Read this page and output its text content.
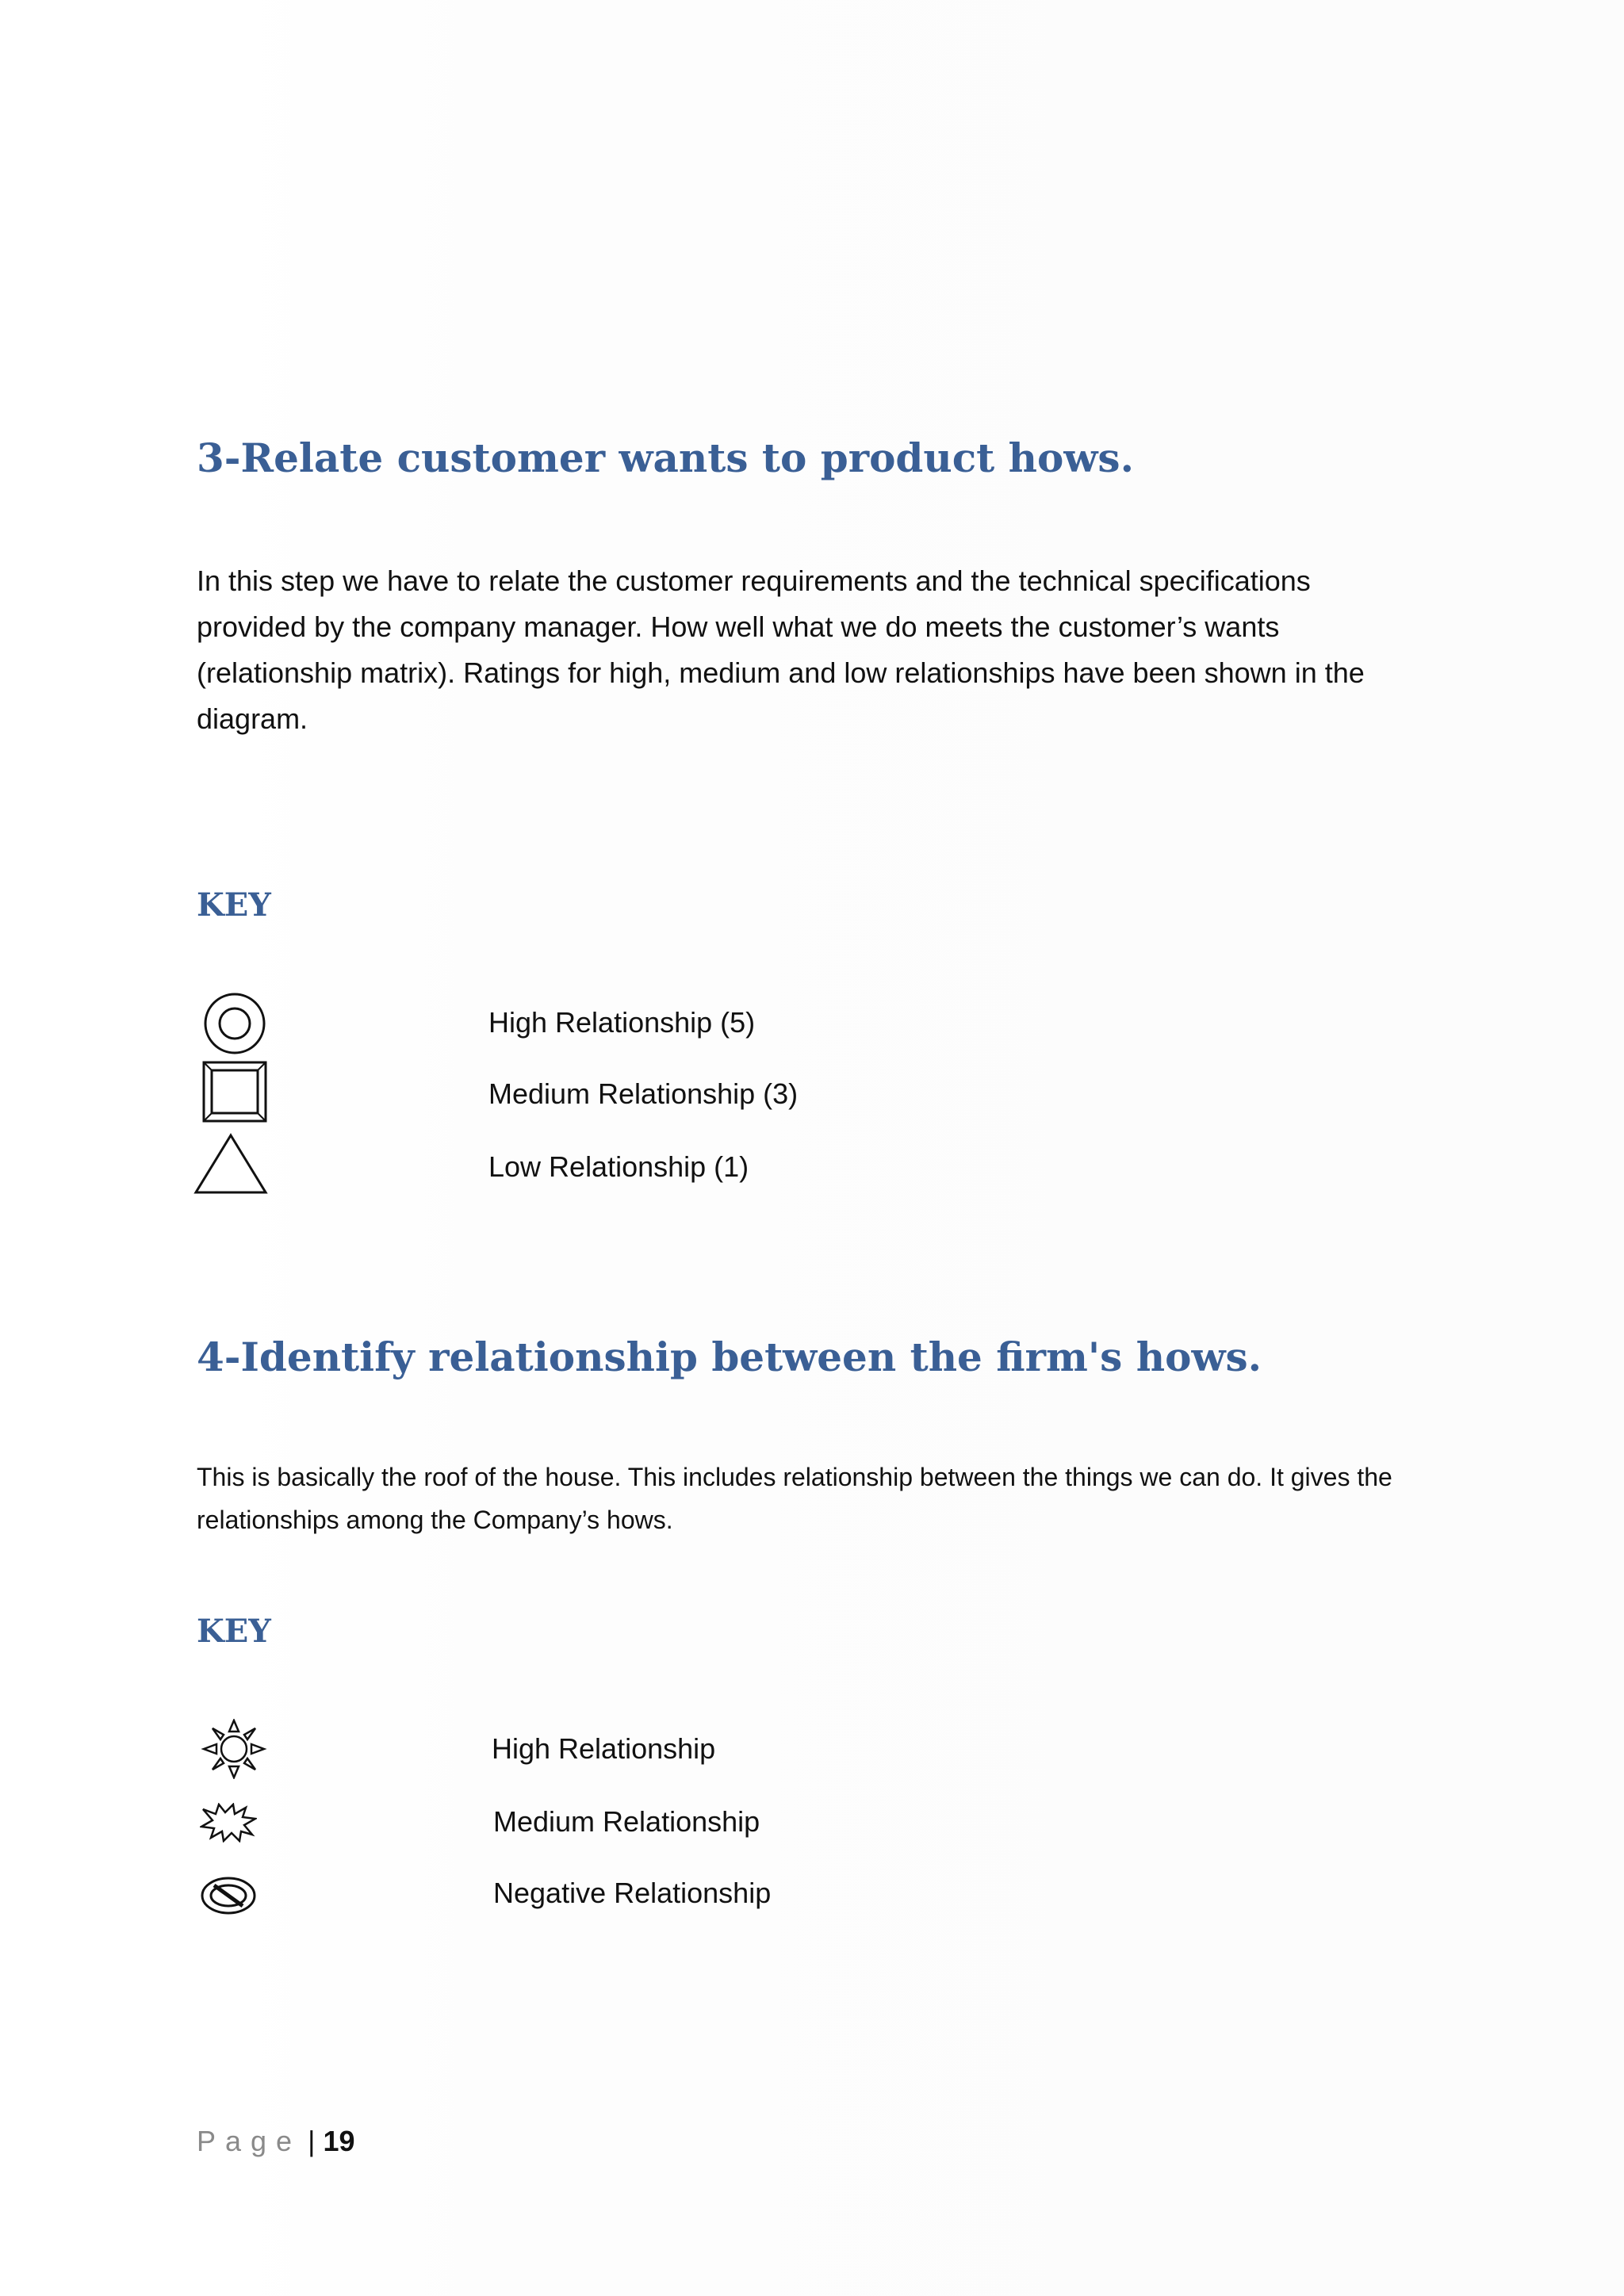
3-Relate customer wants to product hows.

In this step we have to relate the customer requirements and the technical specifications provided by the company manager. How well what we do meets the customer’s wants (relationship matrix). Ratings for high, medium and low relationships have been shown in the diagram.

KEY
High Relationship (5)
Medium Relationship (3)
Low Relationship (1)
4-Identify relationship between the firm's hows.

This is basically the roof of the house. This includes relationship between the things we can do. It gives the relationships among the Company’s hows.

KEY
High Relationship
Medium Relationship
Negative Relationship
Page | 19
